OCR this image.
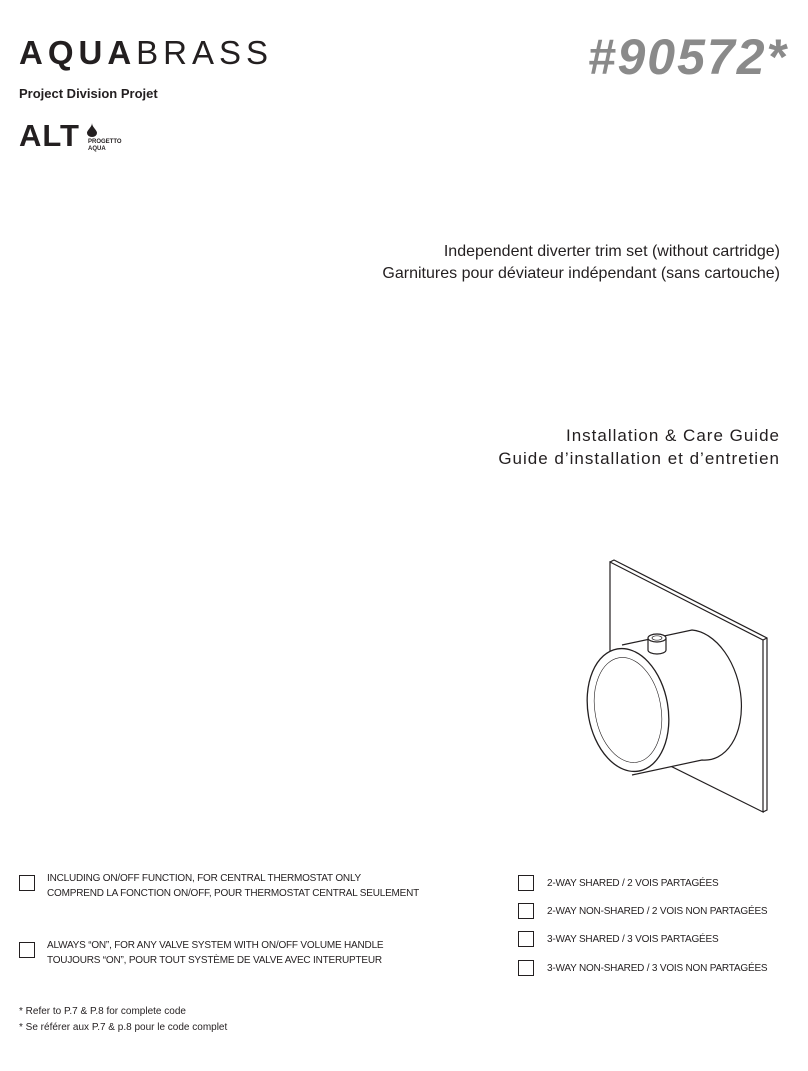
AQUABRASS
Project Division Projet
ALT PROGETTO
AQUA
#90572*
Independent diverter trim set (without cartridge)
Garnitures pour déviateur indépendant (sans cartouche)
Installation & Care Guide
Guide d’installation et d’entretien
INCLUDING ON/OFF FUNCTION, FOR CENTRAL THERMOSTAT ONLY
COMPREND LA FONCTION ON/OFF, POUR THERMOSTAT CENTRAL SEULEMENT
ALWAYS “ON”, FOR ANY VALVE SYSTEM WITH ON/OFF VOLUME HANDLE
TOUJOURS “ON”, POUR TOUT SYSTÈME DE VALVE AVEC INTERUPTEUR
2-WAY SHARED / 2 VOIS PARTAGÉES
2-WAY NON-SHARED / 2 VOIS NON PARTAGÉES
3-WAY SHARED / 3 VOIS PARTAGÉES
3-WAY NON-SHARED / 3 VOIS NON PARTAGÉES
* Refer to P.7 & P.8 for complete code
* Se référer aux P.7 & p.8 pour le code complet
